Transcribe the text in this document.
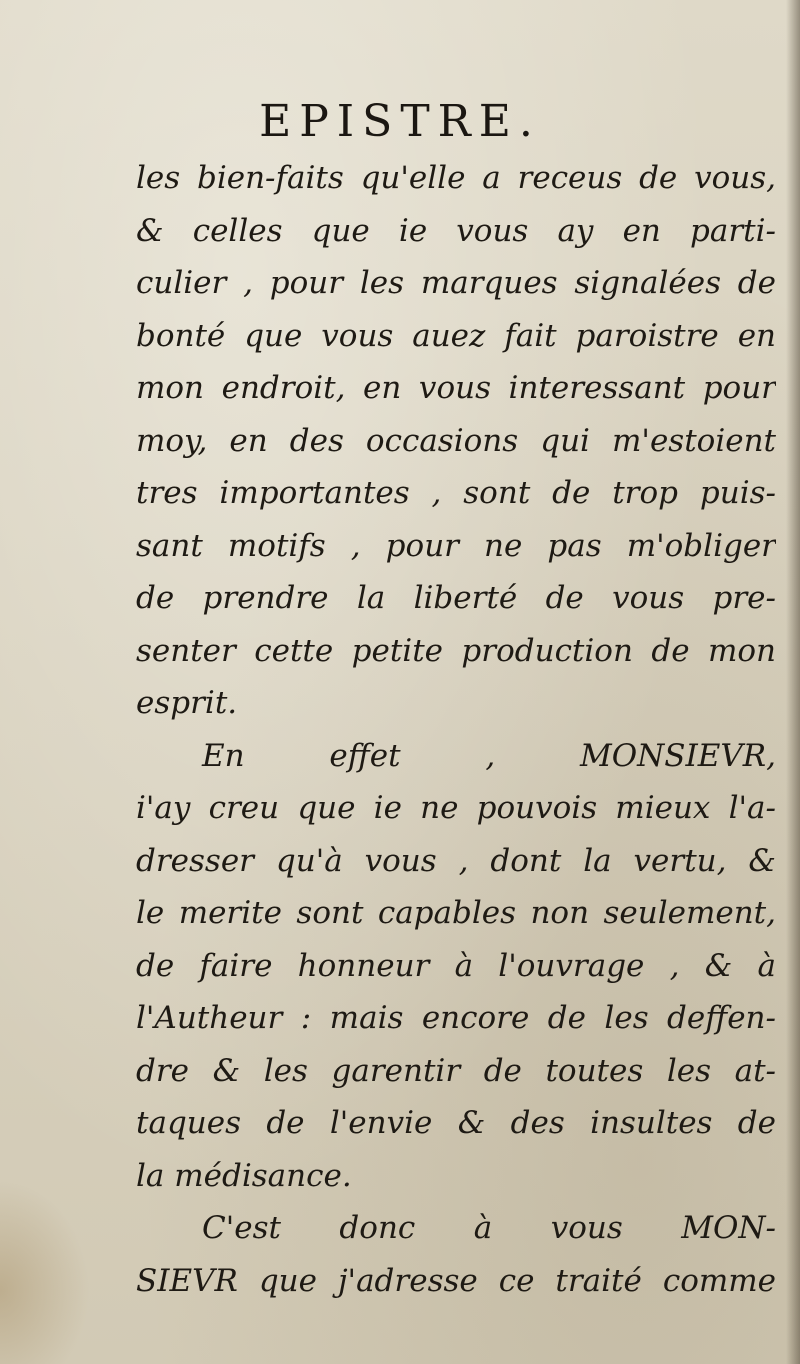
EPISTRE.
les bien-faits qu'elle a receus de vous,
& celles que ie vous ay en parti-
culier , pour les marques signalées de
bonté que vous auez fait paroistre en
mon endroit, en vous interessant pour
moy, en des occasions qui m'estoient
tres importantes , sont de trop puis-
sant motifs , pour ne pas m'obliger
de prendre la liberté de vous pre-
senter cette petite production de mon
esprit.
En effet , MONSIEVR,
i'ay creu que ie ne pouvois mieux l'a-
dresser qu'à vous , dont la vertu, &
le merite sont capables non seulement,
de faire honneur à l'ouvrage , & à
l'Autheur : mais encore de les deffen-
dre & les garentir de toutes les at-
taques de l'envie & des insultes de
la médisance.
C'est donc à vous MON-
SIEVR que j'adresse ce traité comme
